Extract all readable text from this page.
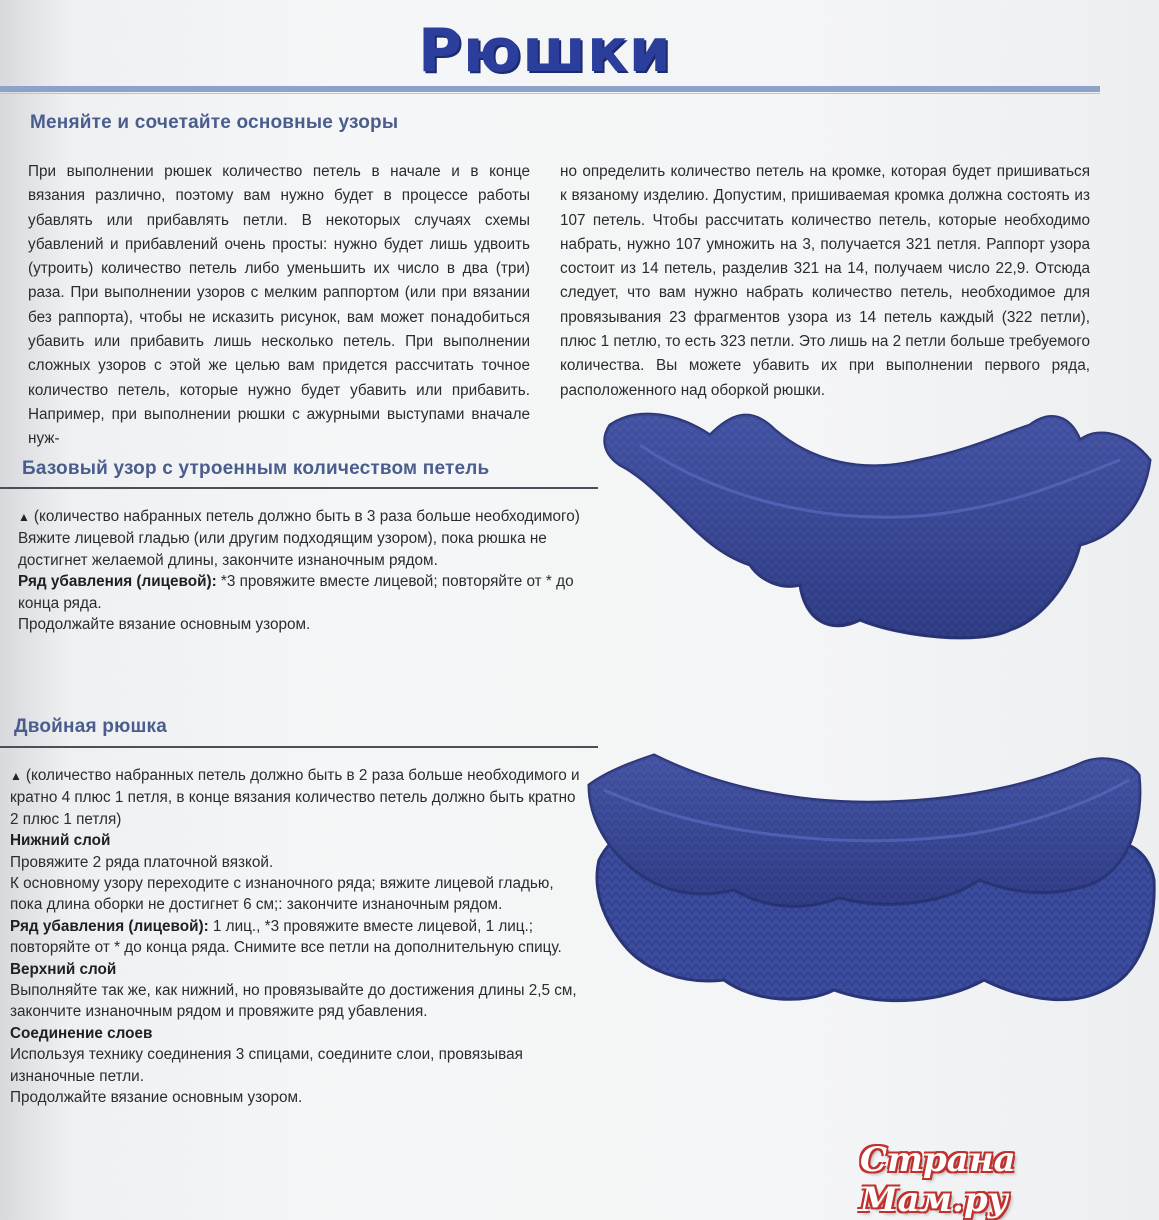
Рюшки
Меняйте и сочетайте основные узоры

При выполнении рюшек количество петель в начале и в конце вязания различно, поэтому вам нужно будет в процессе работы убавлять или прибавлять петли. В некоторых случаях схемы убавлений и прибавлений очень просты: нужно будет лишь удвоить (утроить) количество петель либо уменьшить их число в два (три) раза. При выполнении узоров с мелким раппортом (или при вязании без раппорта), чтобы не исказить рисунок, вам может понадобиться убавить или прибавить лишь несколько петель. При выполнении сложных узоров с этой же целью вам придется рассчитать точное количество петель, которые нужно будет убавить или прибавить. Например, при выполнении рюшки с ажурными выступами вначале нуж-

но определить количество петель на кромке, которая будет пришиваться к вязаному изделию. Допустим, пришиваемая кромка должна состоять из 107 петель. Чтобы рассчитать количество петель, которые необходимо набрать, нужно 107 умножить на 3, получается 321 петля. Раппорт узора состоит из 14 петель, разделив 321 на 14, получаем число 22,9. Отсюда следует, что вам нужно набрать количество петель, необходимое для провязывания 23 фрагментов узора из 14 петель каждый (322 петли), плюс 1 петлю, то есть 323 петли. Это лишь на 2 петли больше требуемого количества. Вы можете убавить их при выполнении первого ряда, расположенного над оборкой рюшки.

Базовый узор с утроенным количеством петель

▲ (количество набранных петель должно быть в 3 раза больше необходимого)

Вяжите лицевой гладью (или другим подходящим узором), пока рюшка не достигнет желаемой длины, закончите изнаночным рядом.

Ряд убавления (лицевой): *3 провяжите вместе лицевой; повторяйте от * до конца ряда.

Продолжайте вязание основным узором.

Двойная рюшка

▲ (количество набранных петель должно быть в 2 раза больше необходимого и кратно 4 плюс 1 петля, в конце вязания количество петель должно быть кратно 2 плюс 1 петля)

Нижний слой

Провяжите 2 ряда платочной вязкой.

К основному узору переходите с изнаночного ряда; вяжите лицевой гладью, пока длина оборки не достигнет 6 см;: закончите изнаночным рядом.

Ряд убавления (лицевой): 1 лиц., *3 провяжите вместе лицевой, 1 лиц.; повторяйте от * до конца ряда. Снимите все петли на дополнительную спицу.

Верхний слой

Выполняйте так же, как нижний, но провязывайте до достижения длины 2,5 см, закончите изнаночным рядом и провяжите ряд убавления.

Соединение слоев

Используя технику соединения 3 спицами, соедините слои, провязывая изнаночные петли.

Продолжайте вязание основным узором.

Страна Мам.ру
